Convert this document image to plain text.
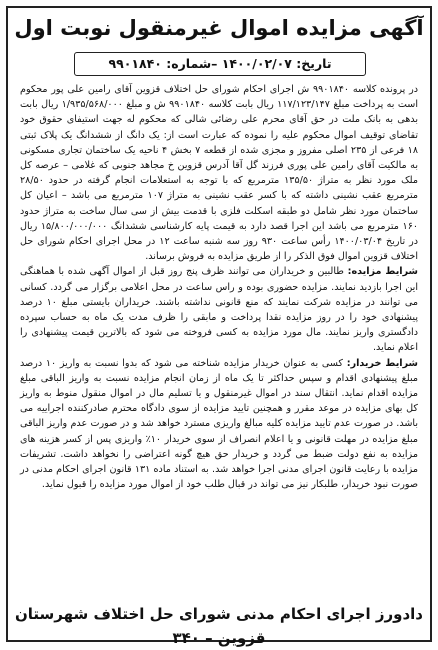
آگهی مزایده اموال غیرمنقول نوبت اول
تاریخ: ۱۴۰۰/۰۲/۰۷ –شماره: ۹۹۰۱۸۴۰

در پرونده کلاسه ۹۹۰۱۸۴۰ ش اجرای احکام شورای حل اختلاف قزوین آقای رامین علی پور محکوم است به پرداخت مبلغ ۱۱۷/۱۲۳/۱۴۷ ریال بابت کلاسه ۹۹۰۱۸۴۰ ش و مبلغ ۱/۹۳۵/۵۶۸/۰۰۰ ریال بابت بدهی به بانک ملت در حق آقای محرم علی رضائی شالی که محکوم له جهت استیفای حقوق خود تقاضای توقیف اموال محکوم علیه را نموده که عبارت است از: یک دانگ از ششدانگ یک پلاک ثبتی ۱۸ فرعی از ۲۳۵ اصلی مفروز و مجزی شده از قطعه ۷ بخش ۴ ناحیه یک ساختمان تجاری مسکونی به مالکیت آقای رامین علی پوری فرزند گل آقا آدرس قزوین خ مجاهد جنوبی که غلامی – عرصه کل ملک مورد نظر به متراژ ۱۳۵/۵۰ مترمربع که با توجه به استعلامات انجام گرفته در حدود ۲۸/۵۰ مترمربع عقب نشینی داشته که با کسر عقب نشینی به متراژ ۱۰۷ مترمربع می باشد – اعیان کل ساختمان مورد نظر شامل دو طبقه اسکلت فلزی با قدمت بیش از سی سال ساخت به متراژ حدود ۱۶۰ مترمربع می باشد این اجرا قصد دارد به قیمت پایه کارشناسی ششدانگ ۱۵/۸۰۰/۰۰۰/۰۰۰ ریال در تاریخ ۱۴۰۰/۰۳/۰۴ رأس ساعت ۹۳۰ روز سه شنبه ساعت ۱۲ در محل اجرای احکام شورای حل اختلاف قزوین اموال فوق الذکر را از طریق مزایده به فروش برساند.

شرایط مزایده: طالبین و خریداران می توانند ظرف پنج روز قبل از اموال آگهی شده با هماهنگی این اجرا بازدید نمایند. مزایده حضوری بوده و راس ساعت در محل اعلامی برگزار می گردد. کسانی می توانند در مزایده شرکت نمایند که منع قانونی نداشته باشند. خریداران بایستی مبلغ ۱۰ درصد پیشنهادی خود را در روز مزایده نقدا پرداخت و مابقی را ظرف مدت یک ماه به حساب سپرده دادگستری واریز نمایند. مال مورد مزایده به کسی فروخته می شود که بالاترین قیمت پیشنهادی را اعلام نماید.

شرایط خریدار: کسی به عنوان خریدار مزایده شناخته می شود که بدوا نسبت به واریز ۱۰ درصد مبلغ پیشنهادی اقدام و سپس حداکثر تا یک ماه از زمان انجام مزایده نسبت به واریز الباقی مبلغ مزایده اقدام نماید. انتقال سند در اموال غیرمنقول و یا تسلیم مال در اموال منقول منوط به واریز کل بهای مزایده در موعد مقرر و همچنین تایید مزایده از سوی دادگاه محترم صادرکننده اجراییه می باشد. در صورت عدم تایید مزایده کلیه مبالغ واریزی مسترد خواهد شد و در صورت عدم واریز الباقی مبلغ مزایده در مهلت قانونی و یا اعلام انصراف از سوی خریدار ۱۰٪ واریزی پس از کسر هزینه های مزایده به نفع دولت ضبط می گردد و خریدار حق هیچ گونه اعتراضی را نخواهد داشت. تشریفات مزایده با رعایت قانون اجرای مدنی اجرا خواهد شد. به استناد ماده ۱۳۱ قانون اجرای احکام مدنی در صورت نبود خریدار، طلبکار نیز می تواند در قبال طلب خود از اموال مورد مزایده را قبول نماید.

دادورز اجرای احکام مدنی شورای حل اختلاف شهرستان قزوین – ۳۴۰
